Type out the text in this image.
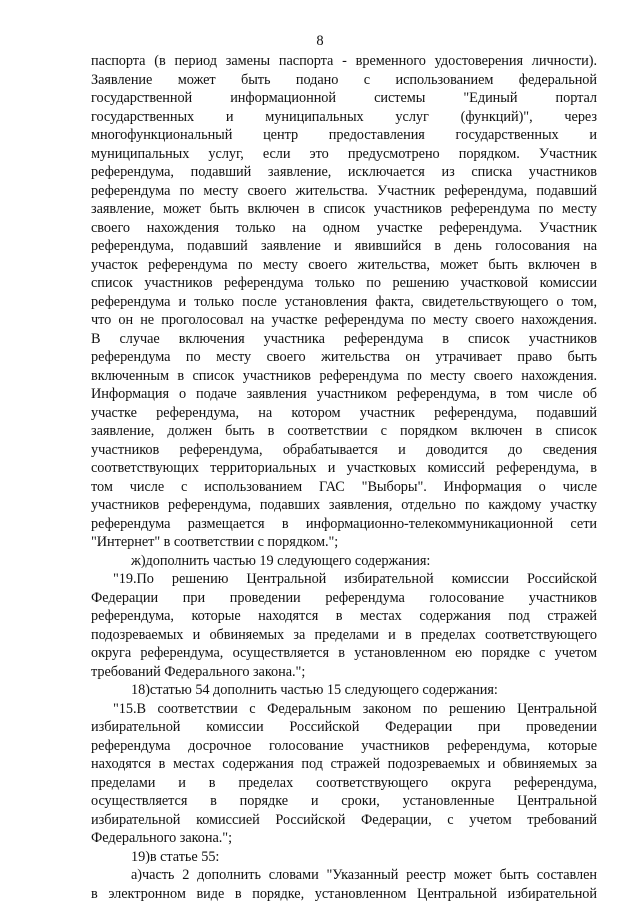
8
паспорта (в период замены паспорта - временного удостоверения личности).
Заявление может быть подано с использованием федеральной
государственной информационной системы "Единый портал
государственных и муниципальных услуг (функций)", через
многофункциональный центр предоставления государственных и
муниципальных услуг, если это предусмотрено порядком. Участник
референдума, подавший заявление, исключается из списка участников
референдума по месту своего жительства. Участник референдума, подавший
заявление, может быть включен в список участников референдума по месту
своего нахождения только на одном участке референдума. Участник
референдума, подавший заявление и явившийся в день голосования на
участок референдума по месту своего жительства, может быть включен в
список участников референдума только по решению участковой комиссии
референдума и только после установления факта, свидетельствующего о том,
что он не проголосовал на участке референдума по месту своего нахождения.
В случае включения участника референдума в список участников
референдума по месту своего жительства он утрачивает право быть
включенным в список участников референдума по месту своего нахождения.
Информация о подаче заявления участником референдума, в том числе об
участке референдума, на котором участник референдума, подавший
заявление, должен быть в соответствии с порядком включен в список
участников референдума, обрабатывается и доводится до сведения
соответствующих территориальных и участковых комиссий референдума, в
том числе с использованием ГАС "Выборы". Информация о числе
участников референдума, подавших заявления, отдельно по каждому участку
референдума размещается в информационно-телекоммуникационной сети
"Интернет" в соответствии с порядком.";
ж)дополнить частью 19 следующего содержания:
"19.По решению Центральной избирательной комиссии Российской
Федерации при проведении референдума голосование участников
референдума, которые находятся в местах содержания под стражей
подозреваемых и обвиняемых за пределами и в пределах соответствующего
округа референдума, осуществляется в установленном ею порядке с учетом
требований Федерального закона.";
18)статью 54 дополнить частью 15 следующего содержания:
"15.В соответствии с Федеральным законом по решению Центральной
избирательной комиссии Российской Федерации при проведении
референдума досрочное голосование участников референдума, которые
находятся в местах содержания под стражей подозреваемых и обвиняемых за
пределами и в пределах соответствующего округа референдума,
осуществляется в порядке и сроки, установленные Центральной
избирательной комиссией Российской Федерации, с учетом требований
Федерального закона.";
19)в статье 55:
а)часть 2 дополнить словами "Указанный реестр может быть составлен
в электронном виде в порядке, установленном Центральной избирательной
